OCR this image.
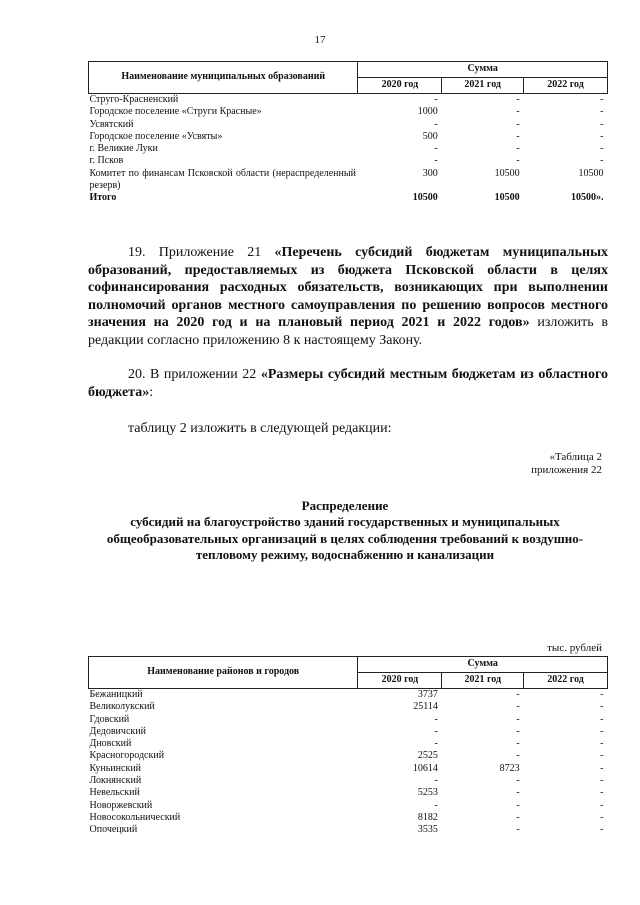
17
Наименование муниципальных образований	Сумма		
	2020 год	2021 год	2022 год
Струго-Красненский	-	-	-
Городское поселение «Струги Красные»	1000	-	-
Усвятский	-	-	-
Городское поселение «Усвяты»	500	-	-
г. Великие Луки	-	-	-
г. Псков	-	-	-
Комитет по финансам Псковской области (нераспределенный резерв)	300	10500	10500
Итого	10500	10500	10500».

19. Приложение 21 «Перечень субсидий бюджетам муниципальных образований, предоставляемых из бюджета Псковской области в целях софинансирования расходных обязательств, возникающих при выполнении полномочий органов местного самоуправления по решению вопросов местного значения на 2020 год и на плановый период 2021 и 2022 годов» изложить в редакции согласно приложению 8 к настоящему Закону.

20. В приложении 22 «Размеры субсидий местным бюджетам из областного бюджета»:

таблицу 2 изложить в следующей редакции:

«Таблица 2
приложения 22
Распределение
субсидий на благоустройство зданий государственных и муниципальных общеобразовательных организаций в целях соблюдения требований к воздушно-тепловому режиму, водоснабжению и канализации
тыс. рублей
Наименование районов и городов	Сумма		
	2020 год	2021 год	2022 год
Бежаницкий	3737	-	-
Великолукский	25114	-	-
Гдовский	-	-	-
Дедовичский	-	-	-
Дновский	-	-	-
Красногородский	2525	-	-
Куньинский	10614	8723	-
Локнянский	-	-	-
Невельский	5253	-	-
Новоржевский	-	-	-
Новосокольнический	8182	-	-
Опочецкий	3535	-	-
